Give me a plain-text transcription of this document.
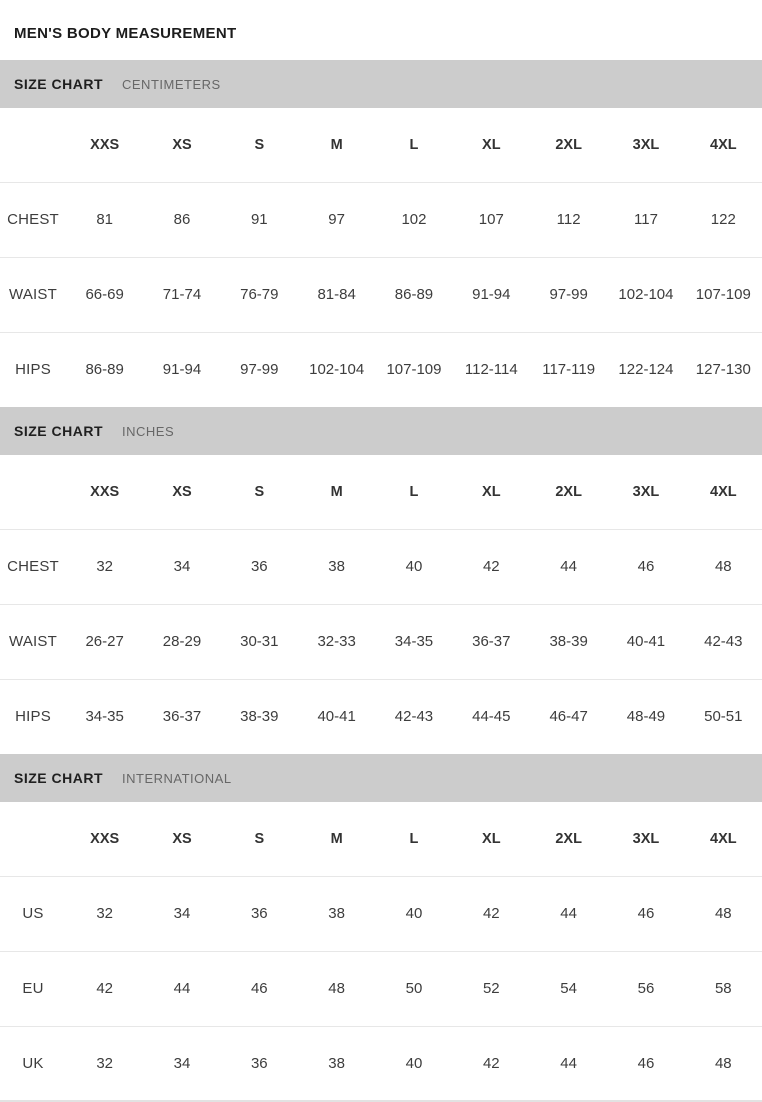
MEN'S BODY MEASUREMENT
SIZE CHART CENTIMETERS
	XXS	XS	S	M	L	XL	2XL	3XL	4XL
CHEST	81	86	91	97	102	107	112	117	122
WAIST	66-69	71-74	76-79	81-84	86-89	91-94	97-99	102-104	107-109
HIPS	86-89	91-94	97-99	102-104	107-109	112-114	117-119	122-124	127-130
SIZE CHART INCHES
	XXS	XS	S	M	L	XL	2XL	3XL	4XL
CHEST	32	34	36	38	40	42	44	46	48
WAIST	26-27	28-29	30-31	32-33	34-35	36-37	38-39	40-41	42-43
HIPS	34-35	36-37	38-39	40-41	42-43	44-45	46-47	48-49	50-51
SIZE CHART INTERNATIONAL
	XXS	XS	S	M	L	XL	2XL	3XL	4XL
US	32	34	36	38	40	42	44	46	48
EU	42	44	46	48	50	52	54	56	58
UK	32	34	36	38	40	42	44	46	48
